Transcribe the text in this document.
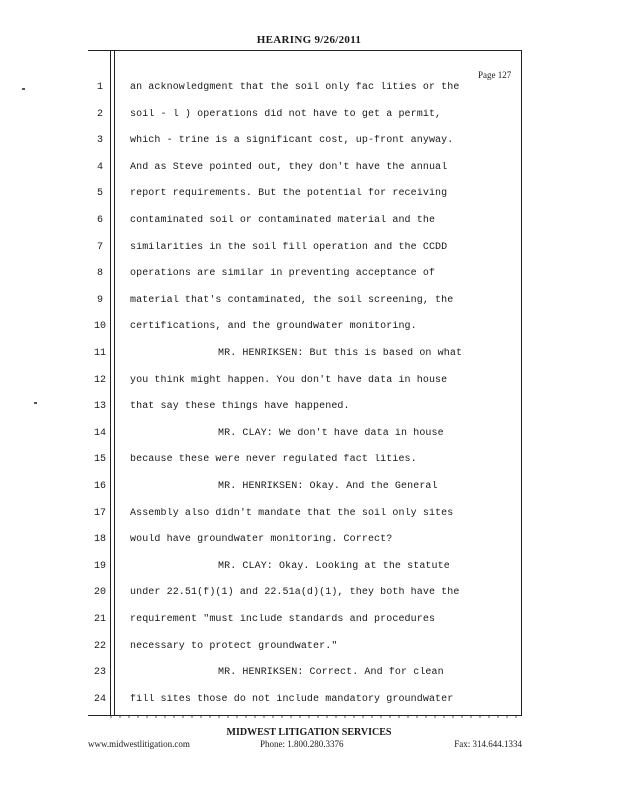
HEARING 9/26/2011
Page 127
1	an acknowledgment that the soil only fac lities or the
2	soil - l ) operations did not have to get a permit,
3	which - trine is a significant cost, up-front anyway.
4	And as Steve pointed out, they don't have the annual
5	report requirements. But the potential for receiving
6	contaminated soil or contaminated material and the
7	similarities in the soil fill operation and the CCDD
8	operations are similar in preventing acceptance of
9	material that's contaminated, the soil screening, the
10	certifications, and the groundwater monitoring.
11	MR. HENRIKSEN: But this is based on what
12	you think might happen. You don't have data in house
13	that say these things have happened.
14	MR. CLAY: We don't have data in house
15	because these were never regulated fact lities.
16	MR. HENRIKSEN: Okay. And the General
17	Assembly also didn't mandate that the soil only sites
18	would have groundwater monitoring. Correct?
19	MR. CLAY: Okay. Looking at the statute
20	under 22.51(f)(1) and 22.51a(d)(1), they both have the
21	requirement "must include standards and procedures
22	necessary to protect groundwater."
23	MR. HENRIKSEN: Correct. And for clean
24	fill sites those do not include mandatory groundwater
MIDWEST LITIGATION SERVICES
www.midwestlitigation.com	Phone: 1.800.280.3376	Fax: 314.644.1334
